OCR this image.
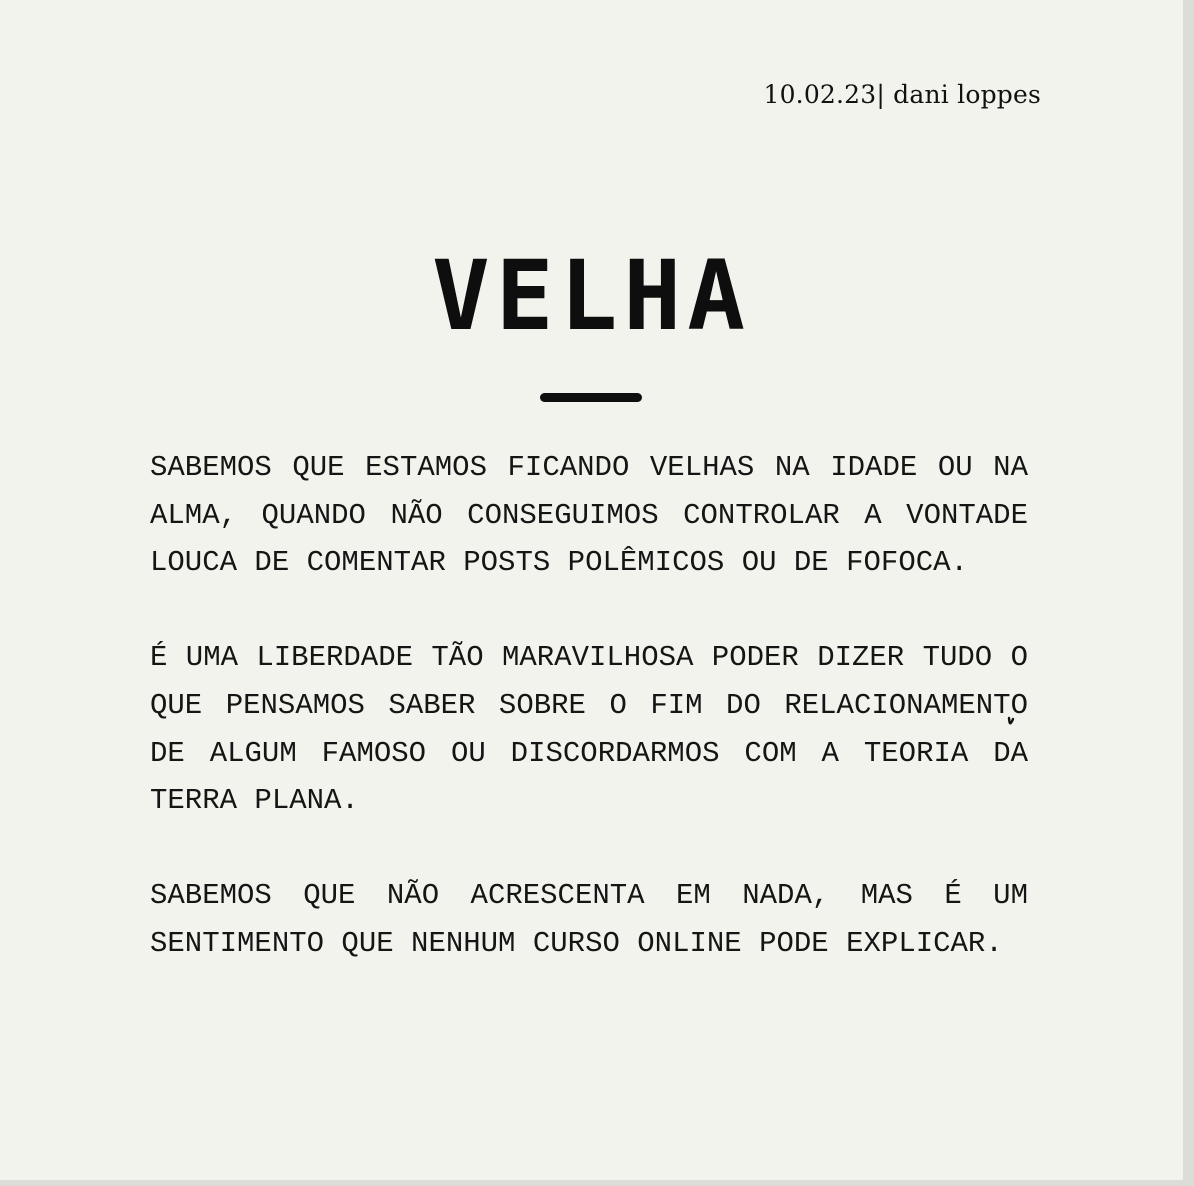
10.02.23| dani loppes
VELHA

SABEMOS QUE ESTAMOS FICANDO VELHAS NA IDADE OU NA ALMA, QUANDO NÃO CONSEGUIMOS CONTROLAR A VONTADE LOUCA DE COMENTAR POSTS POLÊMICOS OU DE FOFOCA.

É UMA LIBERDADE TÃO MARAVILHOSA PODER DIZER TUDO O QUE PENSAMOS SABER
SOBRE O FIM DO RELACIONAMENTO DE ALGUM FAMOSO OU DISCORDARMOS COM A TEORIA DA TERRA PLANA.

SABEMOS QUE NÃO ACRESCENTA EM NADA, MAS É UM SENTIMENTO QUE NENHUM CURSO ONLINE PODE EXPLICAR.
